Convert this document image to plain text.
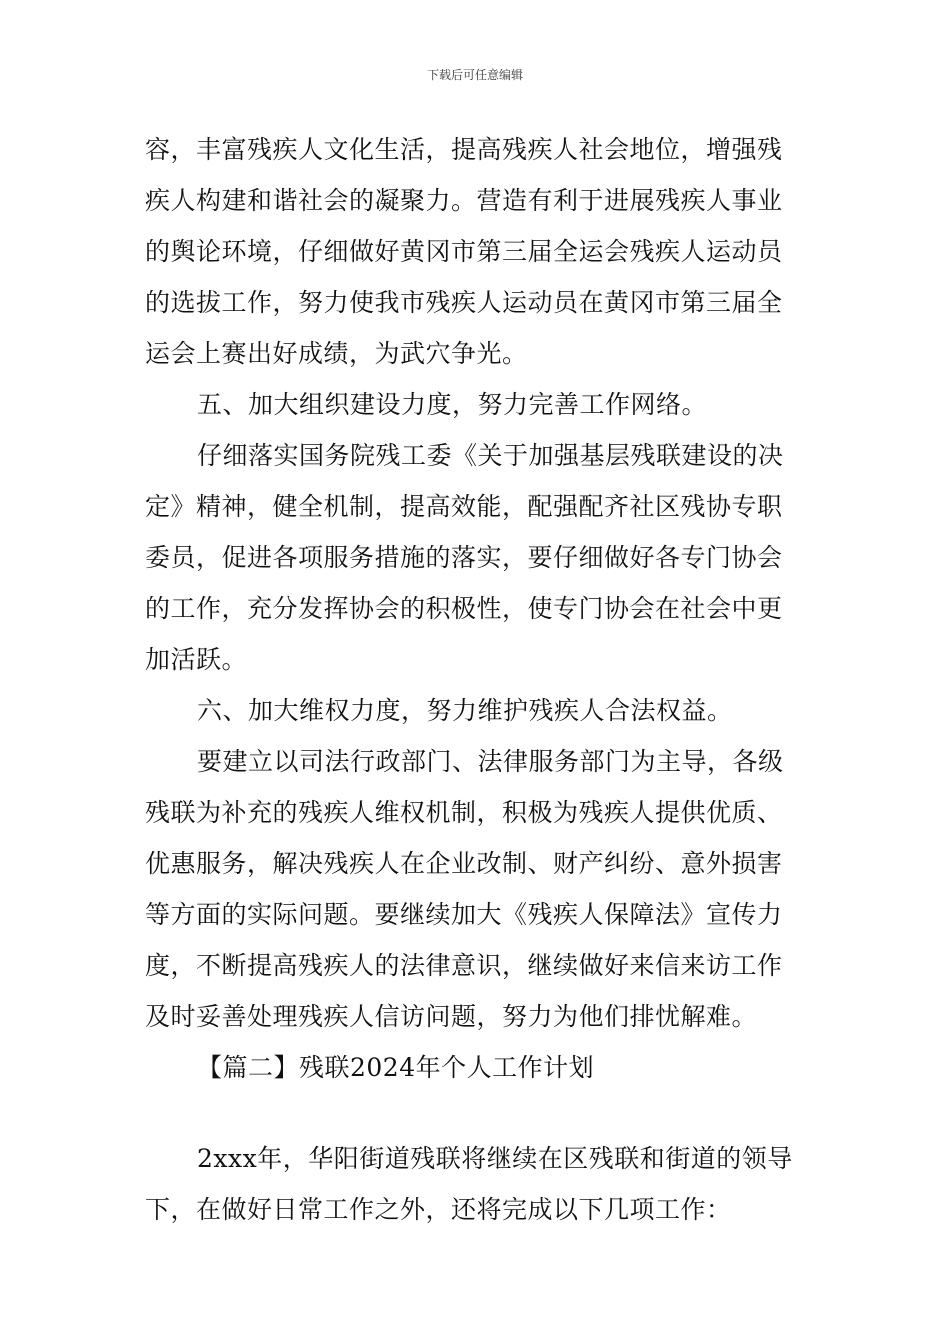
下载后可任意编辑
容，丰富残疾人文化生活，提高残疾人社会地位，增强残
疾人构建和谐社会的凝聚力。营造有利于进展残疾人事业
的舆论环境，仔细做好黄冈市第三届全运会残疾人运动员
的选拔工作，努力使我市残疾人运动员在黄冈市第三届全
运会上赛出好成绩，为武穴争光。
五、加大组织建设力度，努力完善工作网络。
仔细落实国务院残工委《关于加强基层残联建设的决
定》精神，健全机制，提高效能，配强配齐社区残协专职
委员，促进各项服务措施的落实，要仔细做好各专门协会
的工作，充分发挥协会的积极性，使专门协会在社会中更
加活跃。
六、加大维权力度，努力维护残疾人合法权益。
要建立以司法行政部门、法律服务部门为主导，各级
残联为补充的残疾人维权机制，积极为残疾人提供优质、
优惠服务，解决残疾人在企业改制、财产纠纷、意外损害
等方面的实际问题。要继续加大《残疾人保障法》宣传力
度，不断提高残疾人的法律意识，继续做好来信来访工作
及时妥善处理残疾人信访问题，努力为他们排忧解难。
【篇二】残联2024年个人工作计划
2xxx年，华阳街道残联将继续在区残联和街道的领导
下，在做好日常工作之外，还将完成以下几项工作：
